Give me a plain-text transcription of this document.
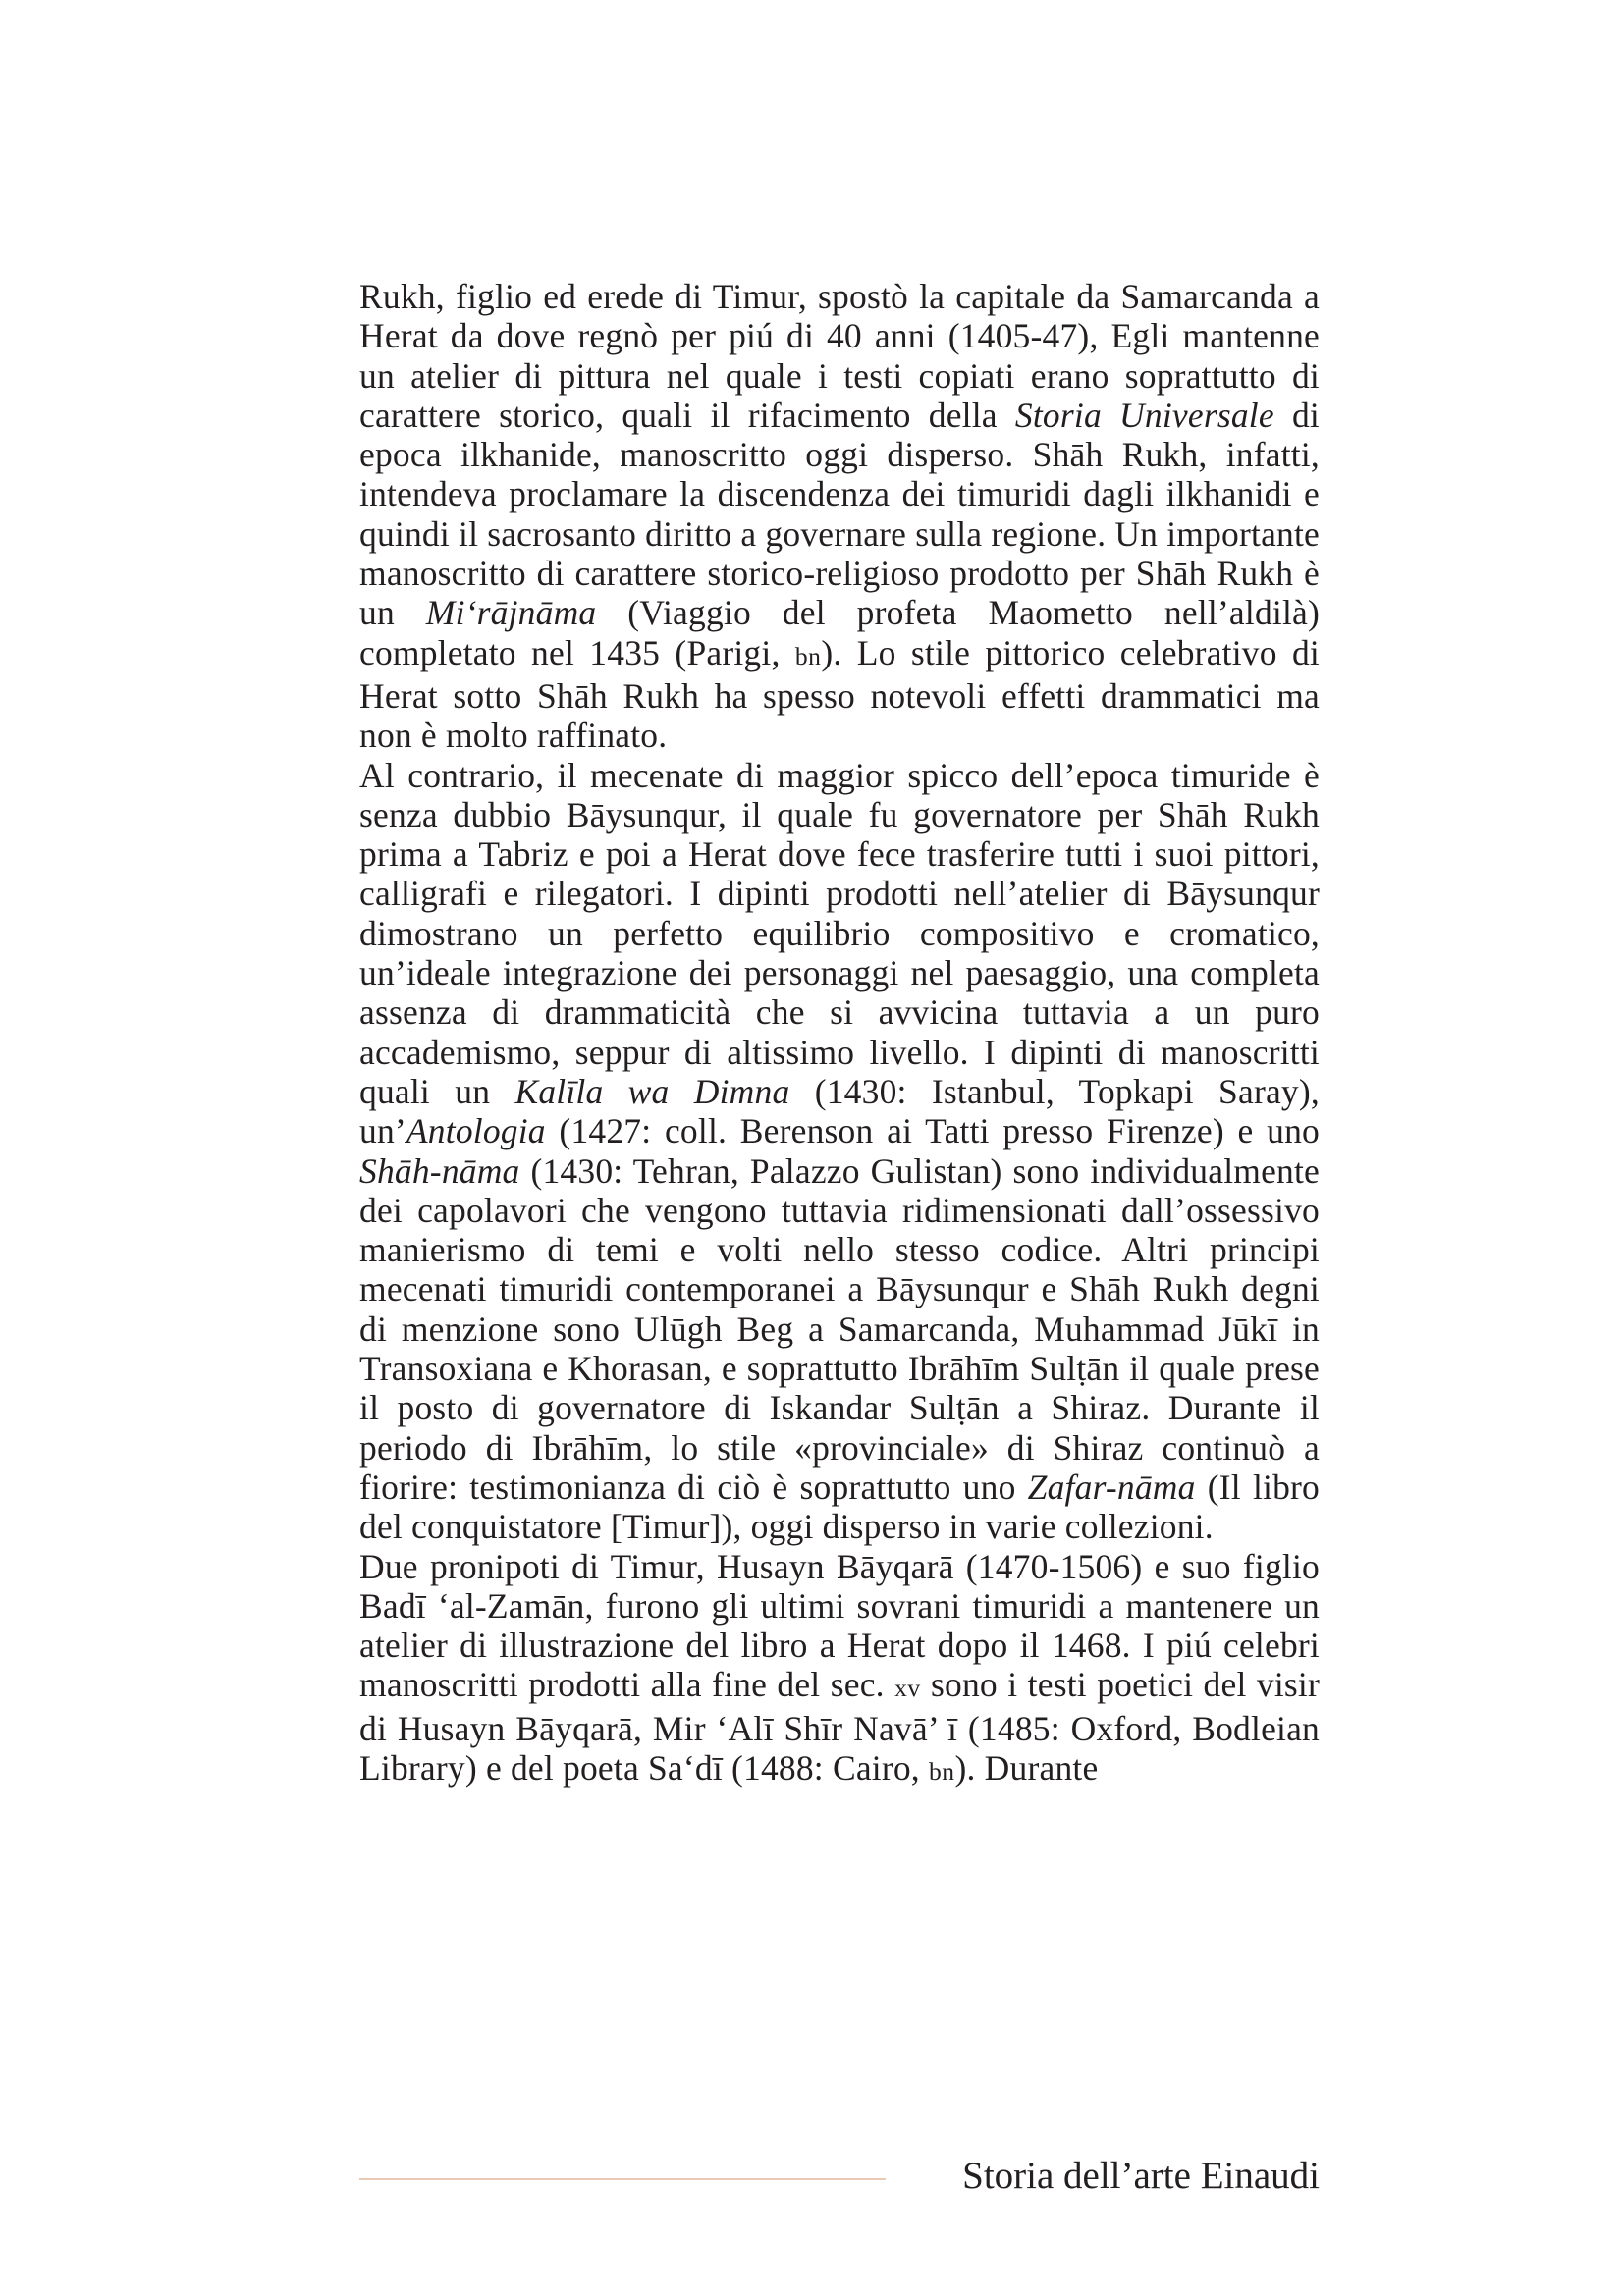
Rukh, figlio ed erede di Timur, spostò la capitale da Samarcanda a Herat da dove regnò per piú di 40 anni (1405-47), Egli mantenne un atelier di pittura nel quale i testi copiati erano soprattutto di carattere storico, quali il rifacimento della Storia Universale di epoca ilkhanide, manoscritto oggi disperso. Shāh Rukh, infatti, intendeva proclamare la discendenza dei timuridi dagli ilkhanidi e quindi il sacrosanto diritto a governare sulla regione. Un importante manoscritto di carattere storico-religioso prodotto per Shāh Rukh è un Mi‘rājnāma (Viaggio del profeta Maometto nell’aldilà) completato nel 1435 (Parigi, bn). Lo stile pittorico celebrativo di Herat sotto Shāh Rukh ha spesso notevoli effetti drammatici ma non è molto raffinato.

Al contrario, il mecenate di maggior spicco dell’epoca timuride è senza dubbio Bāysunqur, il quale fu governatore per Shāh Rukh prima a Tabriz e poi a Herat dove fece trasferire tutti i suoi pittori, calligrafi e rilegatori. I dipinti prodotti nell’atelier di Bāysunqur dimostrano un perfetto equilibrio compositivo e cromatico, un’ideale integrazione dei personaggi nel paesaggio, una completa assenza di drammaticità che si avvicina tuttavia a un puro accademismo, seppur di altissimo livello. I dipinti di manoscritti quali un Kalīla wa Dimna (1430: Istanbul, Topkapi Saray), un’Antologia (1427: coll. Berenson ai Tatti presso Firenze) e uno Shāh-nāma (1430: Tehran, Palazzo Gulistan) sono individualmente dei capolavori che vengono tuttavia ridimensionati dall’ossessivo manierismo di temi e volti nello stesso codice. Altri principi mecenati timuridi contemporanei a Bāysunqur e Shāh Rukh degni di menzione sono Ulūgh Beg a Samarcanda, Muhammad Jūkī in Transoxiana e Khorasan, e soprattutto Ibrāhīm Sulṭān il quale prese il posto di governatore di Iskandar Sulṭān a Shiraz. Durante il periodo di Ibrāhīm, lo stile «provinciale» di Shiraz continuò a fiorire: testimonianza di ciò è soprattutto uno Zafar-nāma (Il libro del conquistatore [Timur]), oggi disperso in varie collezioni.

Due pronipoti di Timur, Husayn Bāyqarā (1470-1506) e suo figlio Badī ‘al-Zamān, furono gli ultimi sovrani timuridi a mantenere un atelier di illustrazione del libro a Herat dopo il 1468. I piú celebri manoscritti prodotti alla fine del sec. xv sono i testi poetici del visir di Husayn Bāyqarā, Mir ‘Alī Shīr Navā’ ī (1485: Oxford, Bodleian Library) e del poeta Sa‘dī (1488: Cairo, bn). Durante

Storia dell’arte Einaudi
